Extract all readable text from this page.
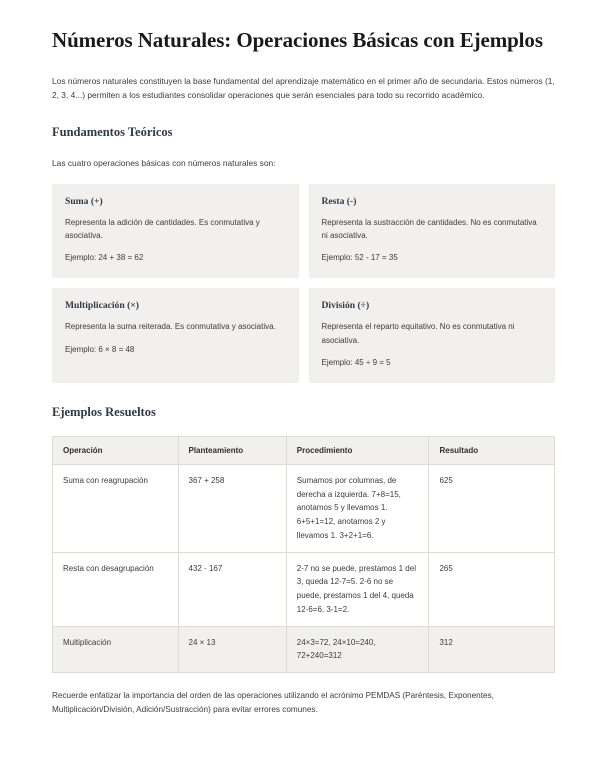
Números Naturales: Operaciones Básicas con Ejemplos

Los números naturales constituyen la base fundamental del aprendizaje matemático en el primer año de secundaria. Estos números (1, 2, 3, 4...) permiten a los estudiantes consolidar operaciones que serán esenciales para todo su recorrido académico.

Fundamentos Teóricos

Las cuatro operaciones básicas con números naturales son:

Suma (+)
Representa la adición de cantidades. Es conmutativa y asociativa.
Ejemplo: 24 + 38 = 62
Resta (-)
Representa la sustracción de cantidades. No es conmutativa ni asociativa.
Ejemplo: 52 - 17 = 35
Multiplicación (×)
Representa la suma reiterada. Es conmutativa y asociativa.
Ejemplo: 6 × 8 = 48
División (÷)
Representa el reparto equitativo. No es conmutativa ni asociativa.
Ejemplo: 45 ÷ 9 = 5
Ejemplos Resueltos
Operación	Planteamiento	Procedimiento	Resultado
Suma con reagrupación	367 + 258	Sumamos por columnas, de derecha a izquierda. 7+8=15, anotamos 5 y llevamos 1. 6+5+1=12, anotamos 2 y llevamos 1. 3+2+1=6.	625
Resta con desagrupación	432 - 167	2-7 no se puede, prestamos 1 del 3, queda 12-7=5. 2-6 no se puede, prestamos 1 del 4, queda 12-6=6. 3-1=2.	265
Multiplicación	24 × 13	24×3=72, 24×10=240, 72+240=312	312

Recuerde enfatizar la importancia del orden de las operaciones utilizando el acrónimo PEMDAS (Paréntesis, Exponentes, Multiplicación/División, Adición/Sustracción) para evitar errores comunes.
